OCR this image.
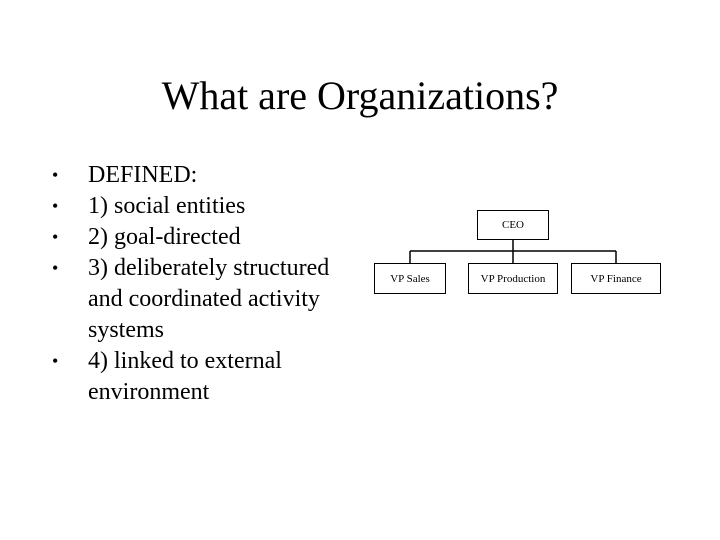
What are Organizations?
• DEFINED:
• 1) social entities
• 2) goal-directed
• 3) deliberately structured and coordinated activity systems
• 4) linked to external environment
CEO
VP Sales	VP Production	VP Finance
